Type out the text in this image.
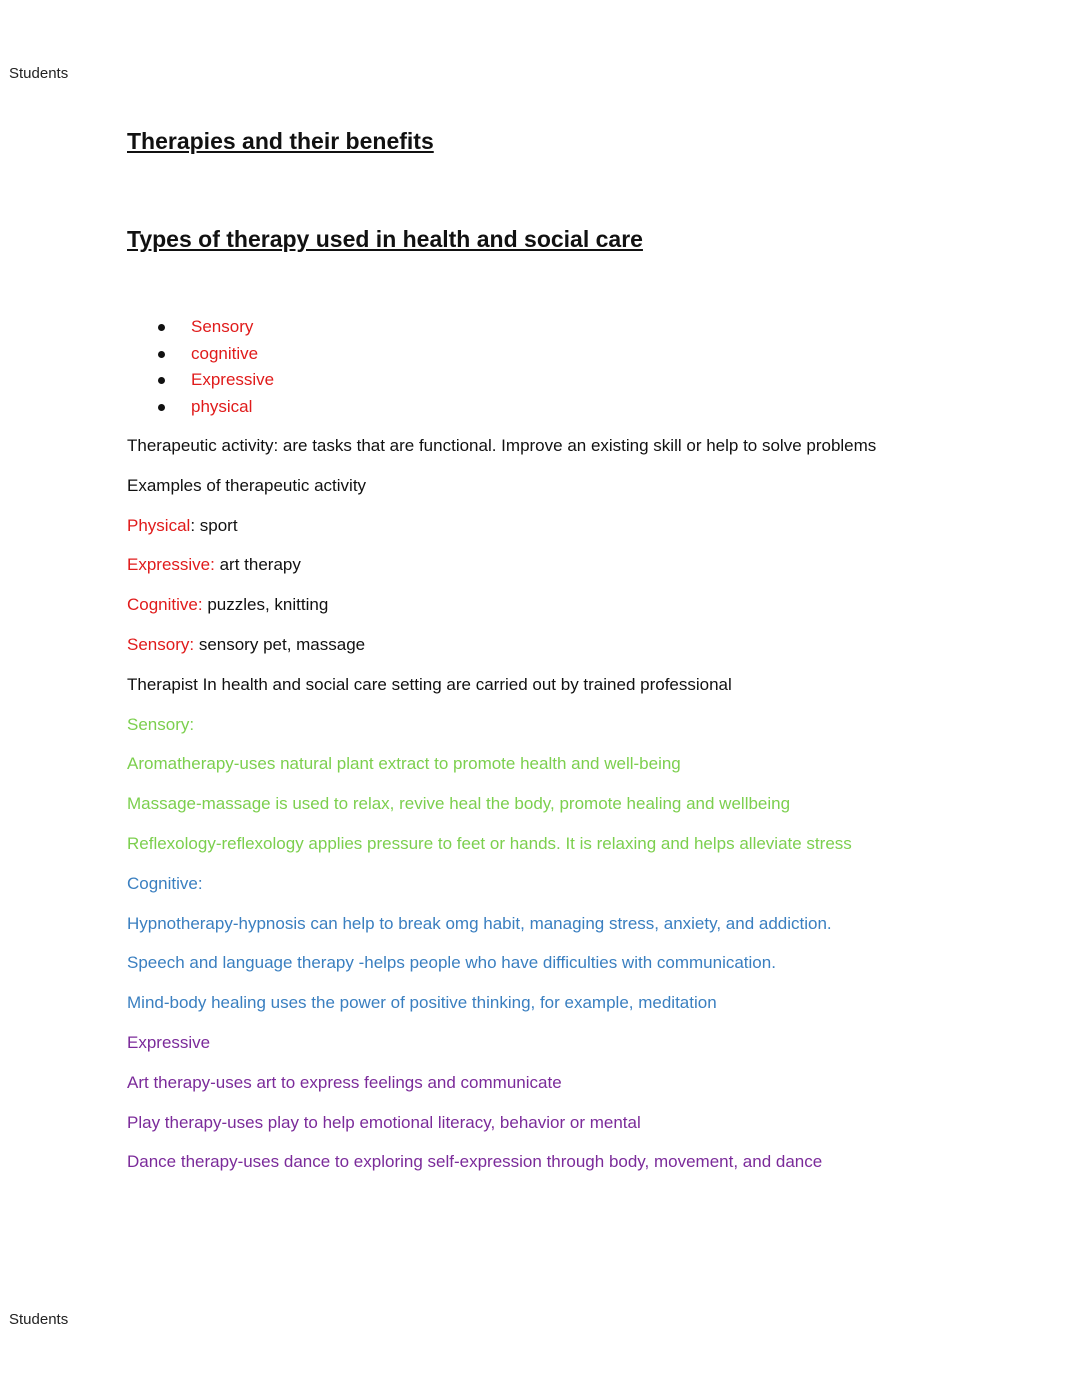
Students
Therapies and their benefits
Types of therapy used in health and social care
Sensory
cognitive
Expressive
physical
Therapeutic activity: are tasks that are functional. Improve an existing skill or help to solve problems
Examples of therapeutic activity
Physical: sport
Expressive: art therapy
Cognitive: puzzles, knitting
Sensory: sensory pet, massage
Therapist In health and social care setting are carried out by trained professional
Sensory:
Aromatherapy-uses natural plant extract to promote health and well-being
Massage-massage is used to relax, revive heal the body, promote healing and wellbeing
Reflexology-reflexology applies pressure to feet or hands. It is relaxing and helps alleviate stress
Cognitive:
Hypnotherapy-hypnosis can help to break omg habit, managing stress, anxiety, and addiction.
Speech and language therapy -helps people who have difficulties with communication.
Mind-body healing uses the power of positive thinking, for example, meditation
Expressive
Art therapy-uses art to express feelings and communicate
Play therapy-uses play to help emotional literacy, behavior or mental
Dance therapy-uses dance to exploring self-expression through body, movement, and dance
Students
